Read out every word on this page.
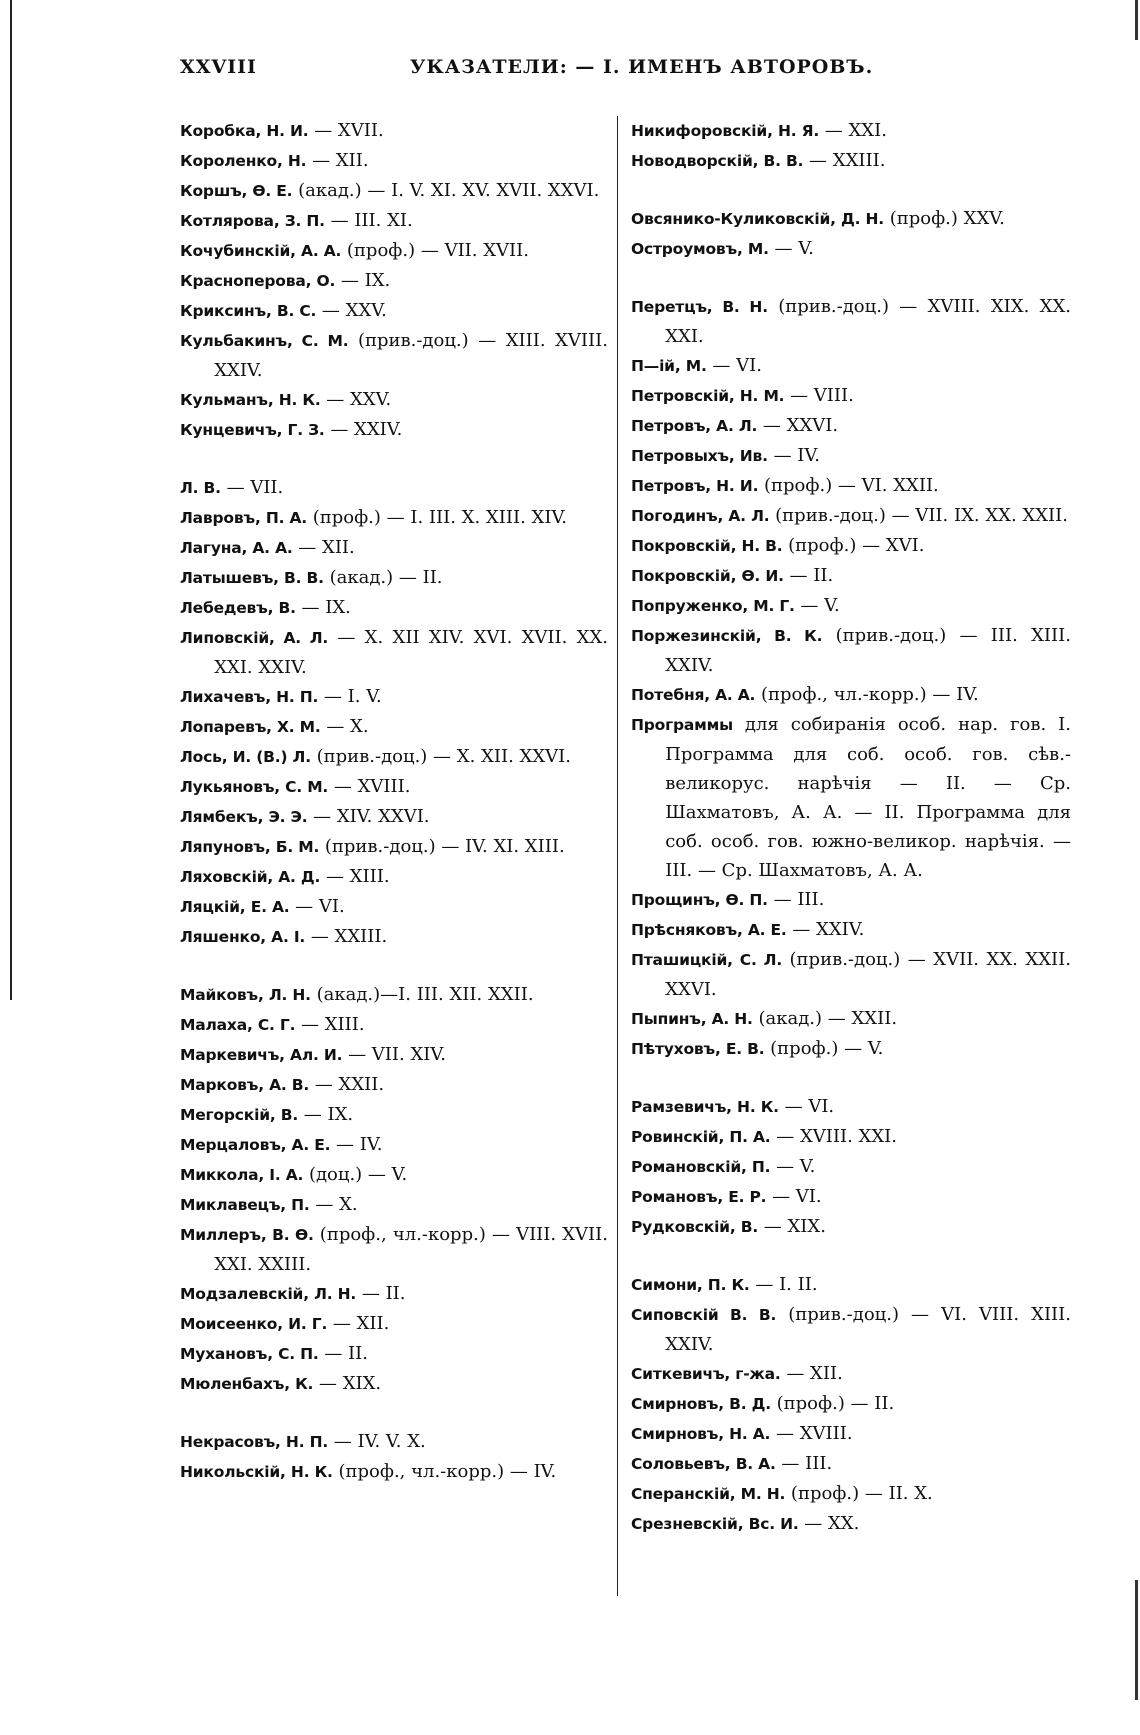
XXVIII	УКАЗАТЕЛИ: — I. ИМЕНЪ АВТОРОВЪ.
Коробка, Н. И. — XVII.
Короленко, Н. — XII.
Коршъ, Ѳ. Е. (акад.) — I. V. XI. XV. XVII. XXVI.
Котлярова, З. П. — III. XI.
Кочубинскій, А. А. (проф.) — VII. XVII.
Красноперова, О. — IX.
Криксинъ, В. С. — XXV.
Кульбакинъ, С. М. (прив.-доц.) — XIII. XVIII. XXIV.
Кульманъ, Н. К. — XXV.
Кунцевичъ, Г. З. — XXIV.
Л. В. — VII.
Лавровъ, П. А. (проф.) — I. III. X. XIII. XIV.
Лагуна, А. А. — XII.
Латышевъ, В. В. (акад.) — II.
Лебедевъ, В. — IX.
Липовскій, А. Л. — X. XII XIV. XVI. XVII. XX. XXI. XXIV.
Лихачевъ, Н. П. — I. V.
Лопаревъ, Х. М. — X.
Лось, И. (В.) Л. (прив.-доц.) — X. XII. XXVI.
Лукьяновъ, С. М. — XVIII.
Лямбекъ, Э. Э. — XIV. XXVI.
Ляпуновъ, Б. М. (прив.-доц.) — IV. XI. XIII.
Ляховскій, А. Д. — XIII.
Ляцкій, Е. А. — VI.
Ляшенко, А. І. — XXIII.
Майковъ, Л. Н. (акад.)—I. III. XII. XXII.
Малаха, С. Г. — XIII.
Маркевичъ, Ал. И. — VII. XIV.
Марковъ, А. В. — XXII.
Мегорскій, В. — IX.
Мерцаловъ, А. Е. — IV.
Миккола, І. А. (доц.) — V.
Миклавецъ, П. — X.
Миллеръ, В. Ѳ. (проф., чл.-корр.) — VIII. XVII. XXI. XXIII.
Модзалевскій, Л. Н. — II.
Моисеенко, И. Г. — XII.
Мухановъ, С. П. — II.
Мюленбахъ, К. — XIX.
Некрасовъ, Н. П. — IV. V. X.
Никольскій, Н. К. (проф., чл.-корр.) — IV.
Никифоровскій, Н. Я. — XXI.
Новодворскій, В. В. — XXIII.
Овсянико-Куликовскій, Д. Н. (проф.) XXV.
Остроумовъ, М. — V.
Перетцъ, В. Н. (прив.-доц.) — XVIII. XIX. XX. XXI.
П—ій, М. — VI.
Петровскій, Н. М. — VIII.
Петровъ, А. Л. — XXVI.
Петровыхъ, Ив. — IV.
Петровъ, Н. И. (проф.) — VI. XXII.
Погодинъ, А. Л. (прив.-доц.) — VII. IX. XX. XXII.
Покровскій, Н. В. (проф.) — XVI.
Покровскій, Ѳ. И. — II.
Попруженко, М. Г. — V.
Поржезинскій, В. К. (прив.-доц.) — III. XIII. XXIV.
Потебня, А. А. (проф., чл.-корр.) — IV.
Программы для собиранія особ. нар. гов. I. Программа для соб. особ. гов. сѣв.-великорус. нарѣчія — II. — Ср. Шахматовъ, А. А. — II. Программа для соб. особ. гов. южно-великор. нарѣчія. — III. — Ср. Шахматовъ, А. А.
Прощинъ, Ѳ. П. — III.
Прѣсняковъ, А. Е. — XXIV.
Пташицкій, С. Л. (прив.-доц.) — XVII. XX. XXII. XXVI.
Пыпинъ, А. Н. (акад.) — XXII.
Пѣтуховъ, Е. В. (проф.) — V.
Рамзевичъ, Н. К. — VI.
Ровинскій, П. А. — XVIII. XXI.
Романовскій, П. — V.
Романовъ, Е. Р. — VI.
Рудковскій, В. — XIX.
Симони, П. К. — I. II.
Сиповскій В. В. (прив.-доц.) — VI. VIII. XIII. XXIV.
Ситкевичъ, г-жа. — XII.
Смирновъ, В. Д. (проф.) — II.
Смирновъ, Н. А. — XVIII.
Соловьевъ, В. А. — III.
Сперанскій, М. Н. (проф.) — II. X.
Срезневскій, Вс. И. — XX.
